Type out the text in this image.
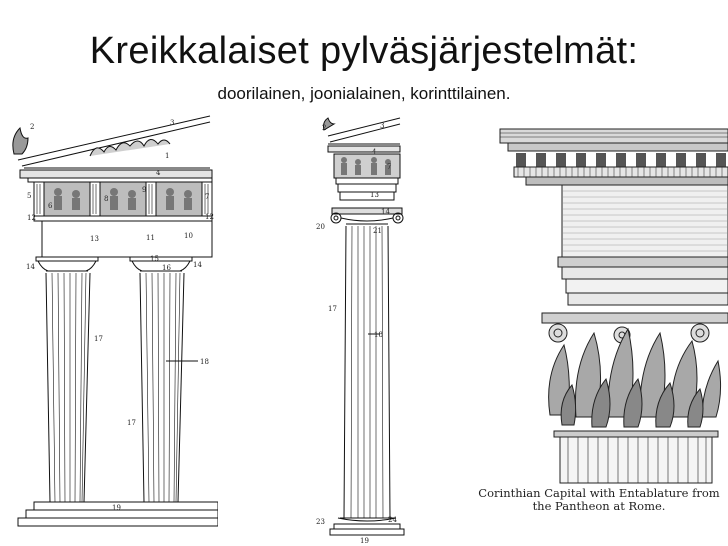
Kreikkalaiset pylväsjärjestelmät:
doorilainen, joonialainen, korinttilainen.
2	3
1
4
5
6
7
8
9
10
11
12	12
13
14	14
15
16
17
17
18
19
2	3
4
7
13
14
20	21
17
18
23	24
19
Corinthian Capital with Entablature from
the Pantheon at Rome.
